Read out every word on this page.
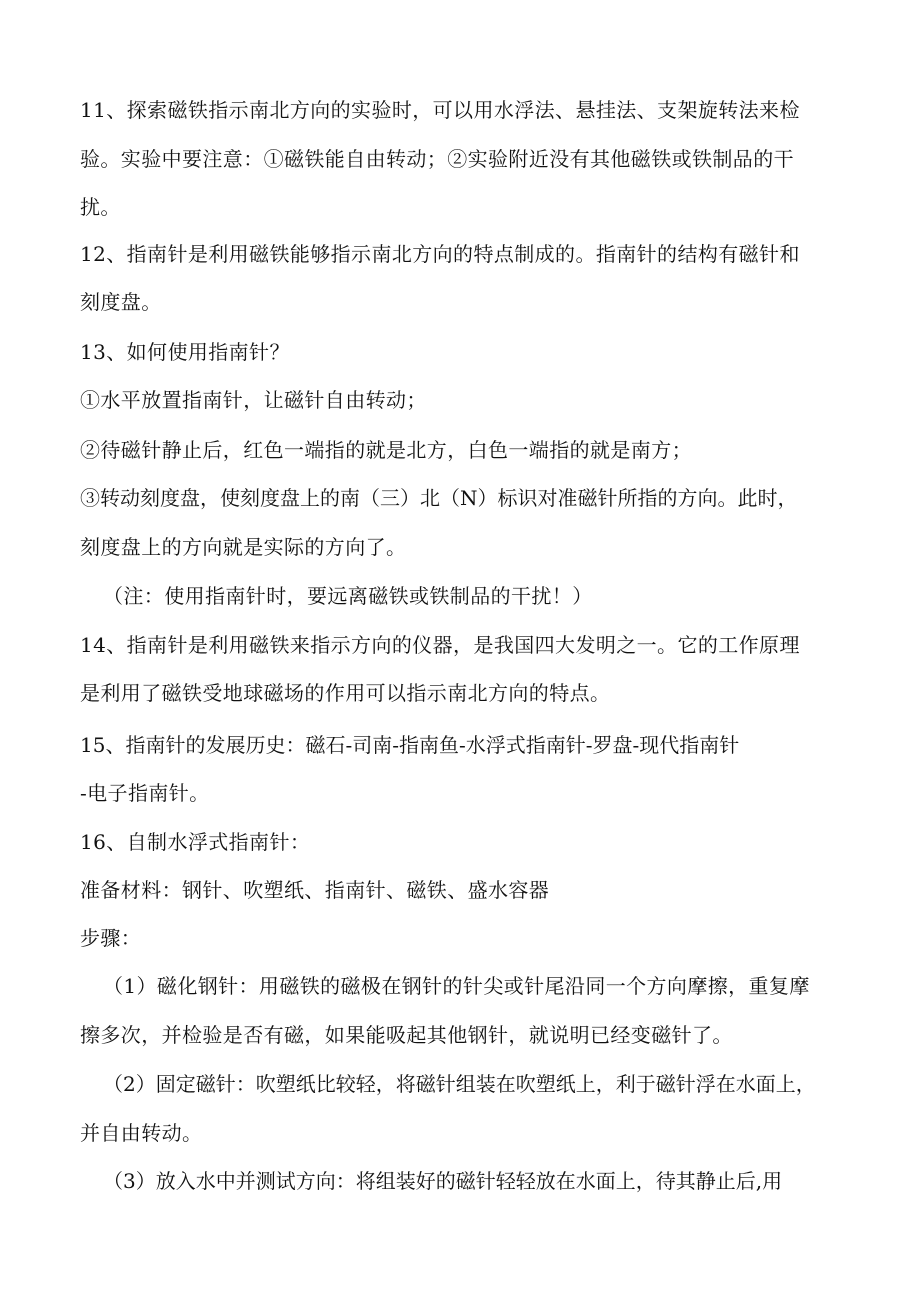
11、探索磁铁指示南北方向的实验时，可以用水浮法、悬挂法、支架旋转法来检
验。实验中要注意：①磁铁能自由转动；②实验附近没有其他磁铁或铁制品的干
扰。
12、指南针是利用磁铁能够指示南北方向的特点制成的。指南针的结构有磁针和
刻度盘。
13、如何使用指南针？
①水平放置指南针，让磁针自由转动；
②待磁针静止后，红色一端指的就是北方，白色一端指的就是南方；
③转动刻度盘，使刻度盘上的南（三）北（N）标识对准磁针所指的方向。此时，
刻度盘上的方向就是实际的方向了。
（注：使用指南针时，要远离磁铁或铁制品的干扰！）
14、指南针是利用磁铁来指示方向的仪器，是我国四大发明之一。它的工作原理
是利用了磁铁受地球磁场的作用可以指示南北方向的特点。
15、指南针的发展历史：磁石-司南-指南鱼-水浮式指南针-罗盘-现代指南针
-电子指南针。
16、自制水浮式指南针：
准备材料：钢针、吹塑纸、指南针、磁铁、盛水容器
步骤：
（1）磁化钢针：用磁铁的磁极在钢针的针尖或针尾沿同一个方向摩擦，重复摩
擦多次，并检验是否有磁，如果能吸起其他钢针，就说明已经变磁针了。
（2）固定磁针：吹塑纸比较轻，将磁针组装在吹塑纸上，利于磁针浮在水面上，
并自由转动。
（3）放入水中并测试方向：将组装好的磁针轻轻放在水面上，待其静止后,用
